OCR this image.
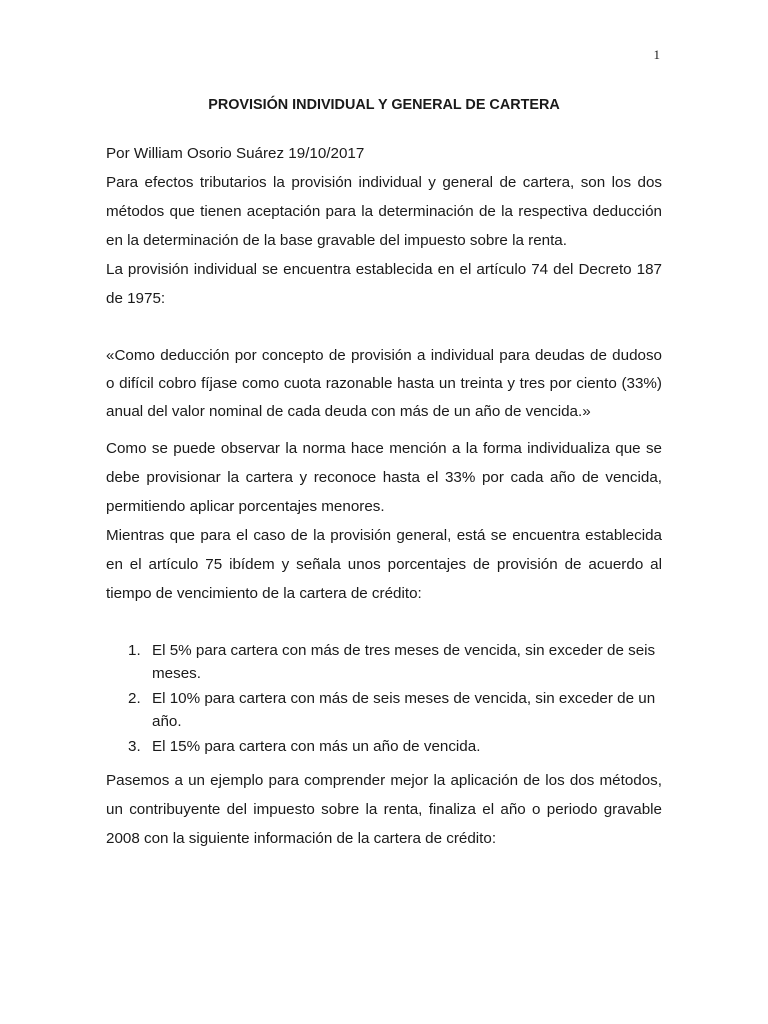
1
PROVISIÓN INDIVIDUAL Y GENERAL DE CARTERA

Por William Osorio Suárez 19/10/2017

Para efectos tributarios la provisión individual y general de cartera, son los dos métodos que tienen aceptación para la determinación de la respectiva deducción en la determinación de la base gravable del impuesto sobre la renta.

La provisión individual se encuentra establecida en el artículo 74 del Decreto 187 de 1975:

«Como deducción por concepto de provisión a individual para deudas de dudoso o difícil cobro fíjase como cuota razonable hasta un treinta y tres por ciento (33%) anual del valor nominal de cada deuda con más de un año de vencida.»

Como se puede observar la norma hace mención a la forma individualiza que se debe provisionar la cartera y reconoce hasta el 33% por cada año de vencida, permitiendo aplicar porcentajes menores.

Mientras que para el caso de la provisión general, está se encuentra establecida en el artículo 75 ibídem y señala unos porcentajes de provisión de acuerdo al tiempo de vencimiento de la cartera de crédito:

1. El 5% para cartera con más de tres meses de vencida, sin exceder de seis meses.
2. El 10% para cartera con más de seis meses de vencida, sin exceder de un año.
3. El 15% para cartera con más un año de vencida.

Pasemos a un ejemplo para comprender mejor la aplicación de los dos métodos, un contribuyente del impuesto sobre la renta, finaliza el año o periodo gravable 2008 con la siguiente información de la cartera de crédito:
